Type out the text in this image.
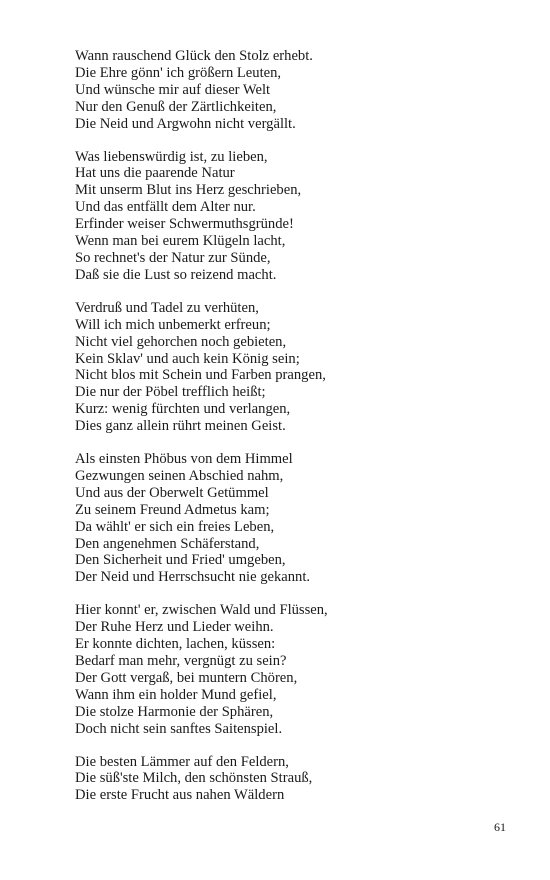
Wann rauschend Glück den Stolz erhebt.

Die Ehre gönn' ich größern Leuten,

Und wünsche mir auf dieser Welt

Nur den Genuß der Zärtlichkeiten,

Die Neid und Argwohn nicht vergällt.

Was liebenswürdig ist, zu lieben,

Hat uns die paarende Natur

Mit unserm Blut ins Herz geschrieben,

Und das entfällt dem Alter nur.

Erfinder weiser Schwermuthsgründe!

Wenn man bei eurem Klügeln lacht,

So rechnet's der Natur zur Sünde,

Daß sie die Lust so reizend macht.

Verdruß und Tadel zu verhüten,

Will ich mich unbemerkt erfreun;

Nicht viel gehorchen noch gebieten,

Kein Sklav' und auch kein König sein;

Nicht blos mit Schein und Farben prangen,

Die nur der Pöbel trefflich heißt;

Kurz: wenig fürchten und verlangen,

Dies ganz allein rührt meinen Geist.

Als einsten Phöbus von dem Himmel

Gezwungen seinen Abschied nahm,

Und aus der Oberwelt Getümmel

Zu seinem Freund Admetus kam;

Da wählt' er sich ein freies Leben,

Den angenehmen Schäferstand,

Den Sicherheit und Fried' umgeben,

Der Neid und Herrschsucht nie gekannt.

Hier konnt' er, zwischen Wald und Flüssen,

Der Ruhe Herz und Lieder weihn.

Er konnte dichten, lachen, küssen:

Bedarf man mehr, vergnügt zu sein?

Der Gott vergaß, bei muntern Chören,

Wann ihm ein holder Mund gefiel,

Die stolze Harmonie der Sphären,

Doch nicht sein sanftes Saitenspiel.

Die besten Lämmer auf den Feldern,

Die süß'ste Milch, den schönsten Strauß,

Die erste Frucht aus nahen Wäldern

61
